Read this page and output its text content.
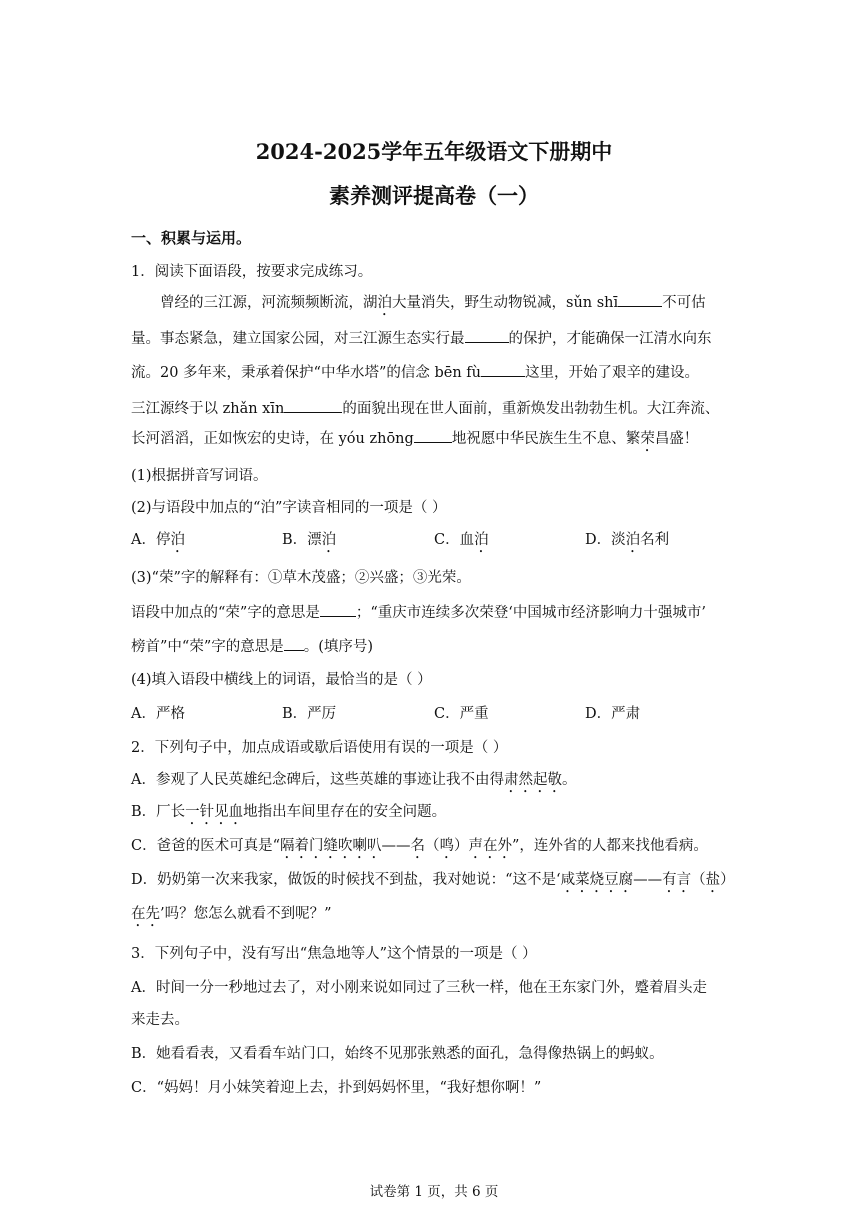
2024-2025学年五年级语文下册期中
素养测评提高卷（一）
一、积累与运用。
1．阅读下面语段，按要求完成练习。
曾经的三江源，河流频频断流，湖泊大量消失，野生动物锐减，sǔn shī	不可估
量。事态紧急，建立国家公园，对三江源生态实行最	的保护，才能确保一江清水向东
流。20 多年来，秉承着保护“中华水塔”的信念 bēn fù	这里，开始了艰辛的建设。
三江源终于以 zhǎn xīn	的面貌出现在世人面前，重新焕发出勃勃生机。大江奔流、
长河滔滔，正如恢宏的史诗，在 yóu zhōng	地祝愿中华民族生生不息、繁荣昌盛！
(1)根据拼音写词语。
(2)与语段中加点的“泊”字读音相同的一项是（ ）
A．停泊	B．漂泊	C．血泊	D．淡泊名利
(3)“荣”字的解释有：①草木茂盛；②兴盛；③光荣。
语段中加点的“荣”字的意思是 ；“重庆市连续多次荣登‘中国城市经济影响力十强城市’
榜首”中“荣”字的意思是 。(填序号)
(4)填入语段中横线上的词语，最恰当的是（ ）
A．严格	B．严厉	C．严重	D．严肃
2．下列句子中，加点成语或歇后语使用有误的一项是（ ）
A．参观了人民英雄纪念碑后，这些英雄的事迹让我不由得肃然起敬。
B．厂长一针见血地指出车间里存在的安全问题。
C．爸爸的医术可真是“隔着门缝吹喇叭——名（鸣）声在外”，连外省的人都来找他看病。
D．奶奶第一次来我家，做饭的时候找不到盐，我对她说：“这不是‘咸菜烧豆腐——有言（盐）
在先’吗？您怎么就看不到呢？”
3．下列句子中，没有写出“焦急地等人”这个情景的一项是（ ）
A．时间一分一秒地过去了，对小刚来说如同过了三秋一样，他在王东家门外，蹙着眉头走
来走去。
B．她看看表，又看看车站门口，始终不见那张熟悉的面孔，急得像热锅上的蚂蚁。
C．“妈妈！月小妹笑着迎上去，扑到妈妈怀里，“我好想你啊！”
试卷第 1 页，共 6 页
